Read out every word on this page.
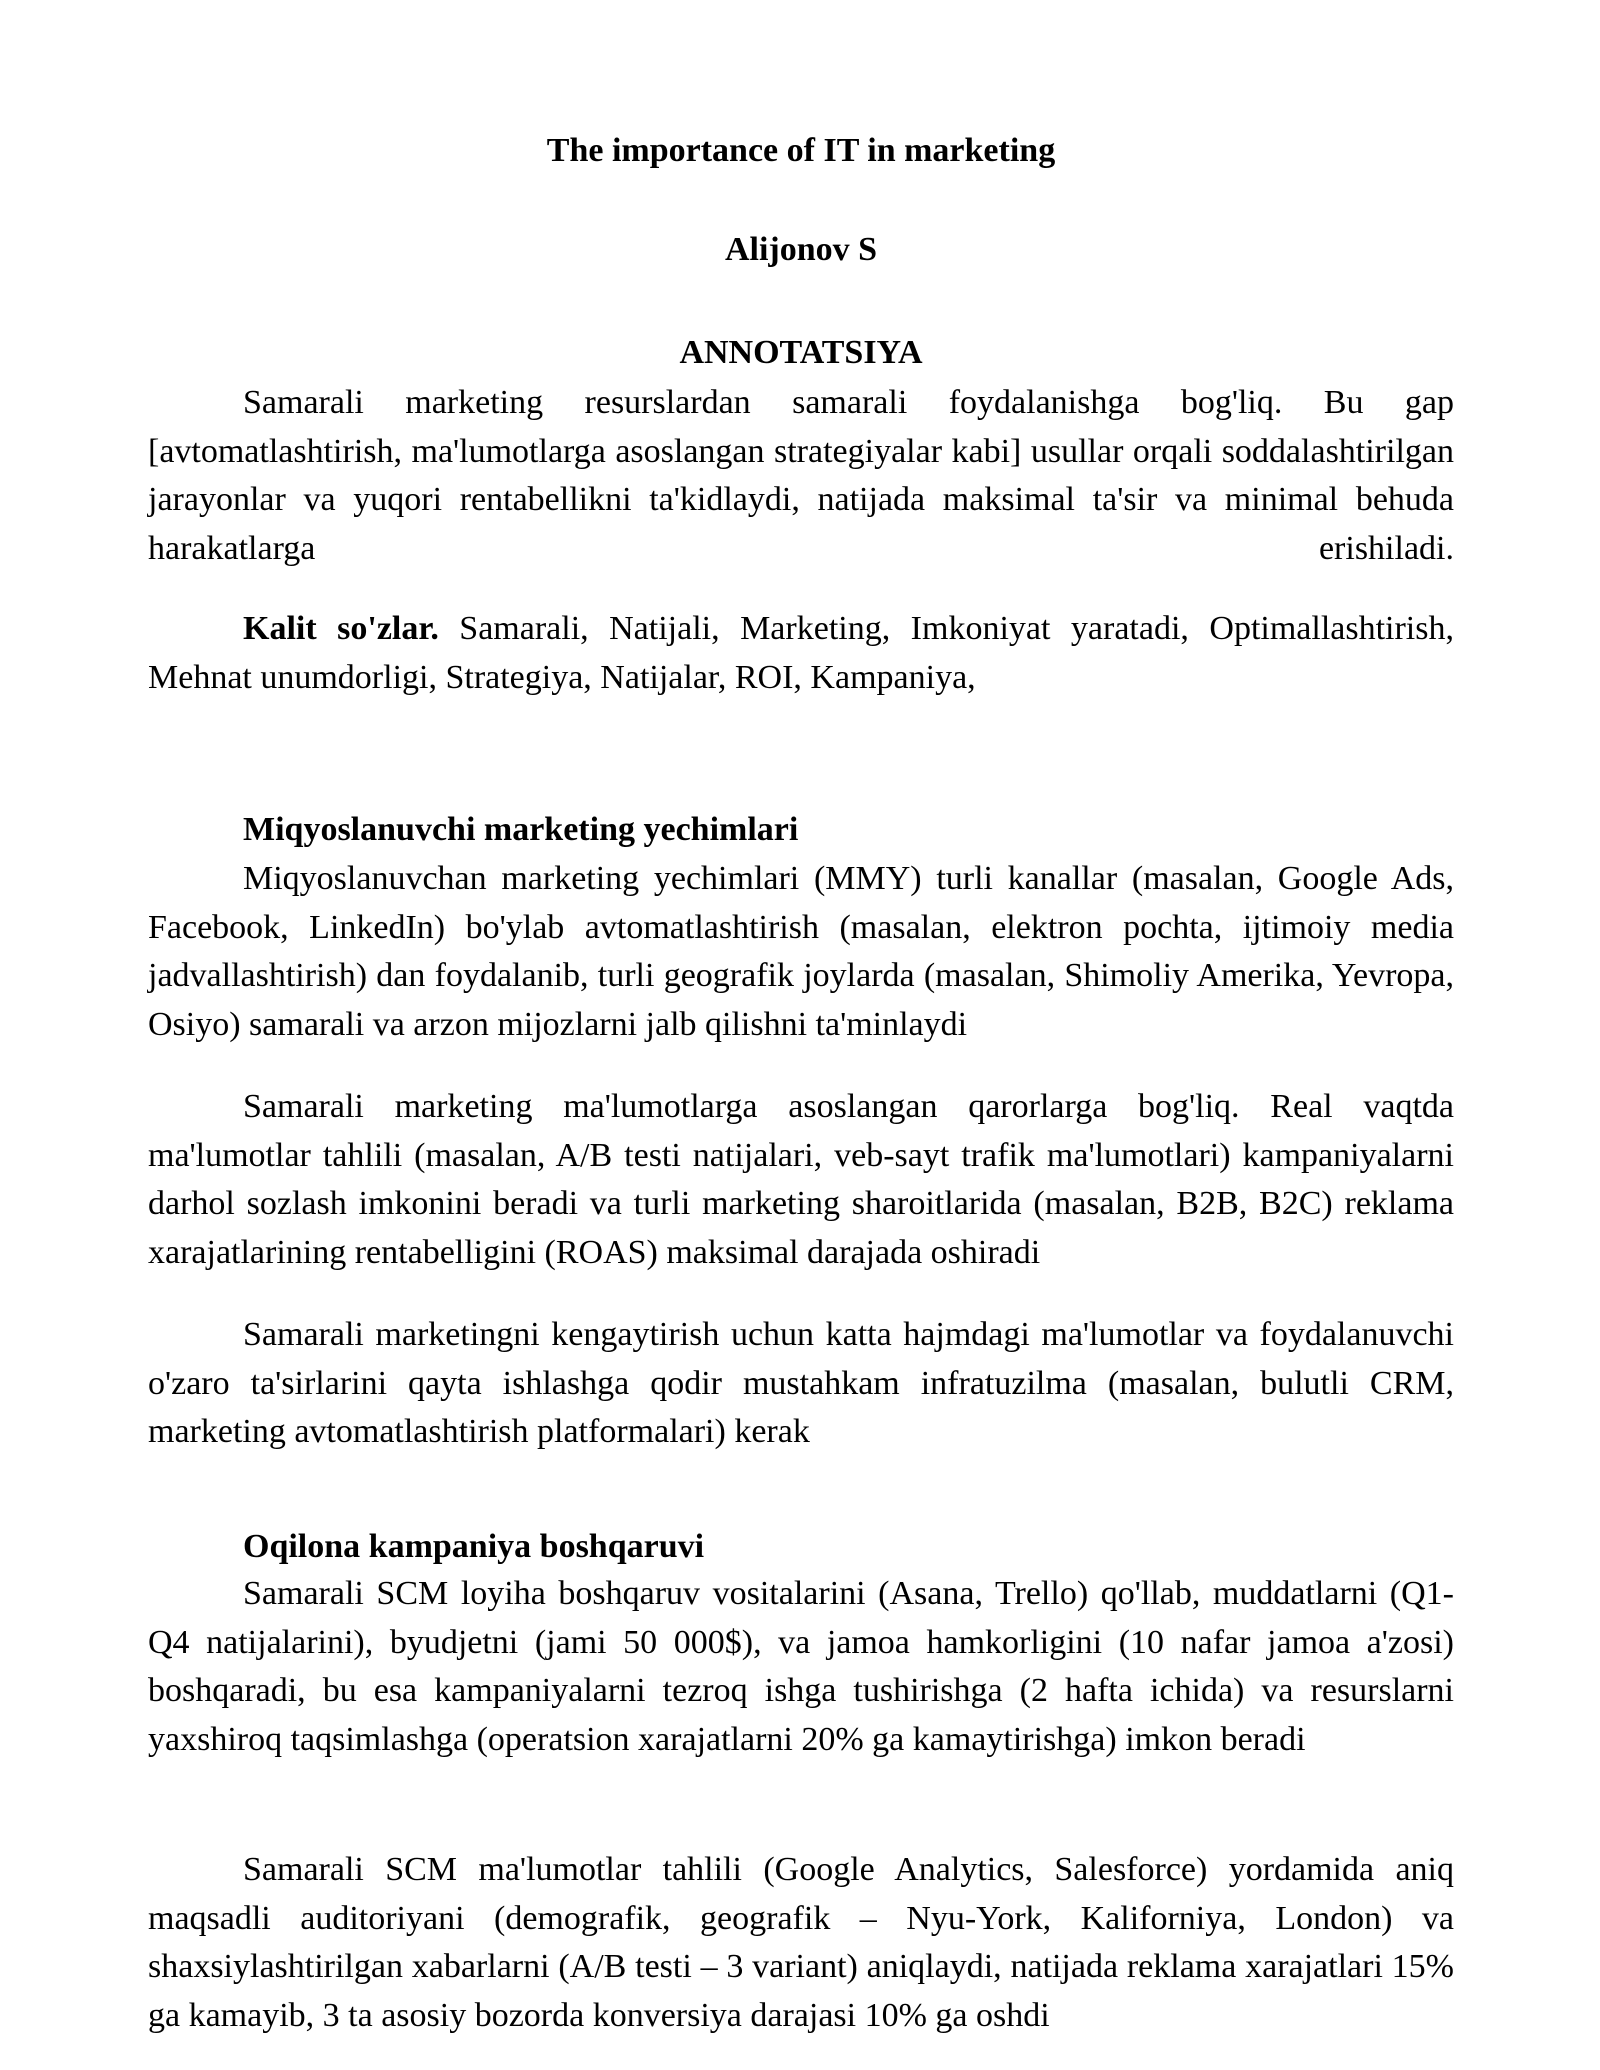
The importance of IT in marketing
Alijonov S
ANNOTATSIYA

Samarali marketing resurslardan samarali foydalanishga bog'liq. Bu gap [avtomatlashtirish, ma'lumotlarga asoslangan strategiyalar kabi] usullar orqali soddalashtirilgan jarayonlar va yuqori rentabellikni ta'kidlaydi, natijada maksimal ta'sir va minimal behuda harakatlarga erishiladi.

Kalit so'zlar. Samarali, Natijali, Marketing, Imkoniyat yaratadi, Optimallashtirish, Mehnat unumdorligi, Strategiya, Natijalar, ROI, Kampaniya,

Miqyoslanuvchi marketing yechimlari

Miqyoslanuvchan marketing yechimlari (MMY) turli kanallar (masalan, Google Ads, Facebook, LinkedIn) bo'ylab avtomatlashtirish (masalan, elektron pochta, ijtimoiy media jadvallashtirish) dan foydalanib, turli geografik joylarda (masalan, Shimoliy Amerika, Yevropa, Osiyo) samarali va arzon mijozlarni jalb qilishni ta'minlaydi

Samarali marketing ma'lumotlarga asoslangan qarorlarga bog'liq. Real vaqtda ma'lumotlar tahlili (masalan, A/B testi natijalari, veb-sayt trafik ma'lumotlari) kampaniyalarni darhol sozlash imkonini beradi va turli marketing sharoitlarida (masalan, B2B, B2C) reklama xarajatlarining rentabelligini (ROAS) maksimal darajada oshiradi

Samarali marketingni kengaytirish uchun katta hajmdagi ma'lumotlar va foydalanuvchi o'zaro ta'sirlarini qayta ishlashga qodir mustahkam infratuzilma (masalan, bulutli CRM, marketing avtomatlashtirish platformalari) kerak

Oqilona kampaniya boshqaruvi

Samarali SCM loyiha boshqaruv vositalarini (Asana, Trello) qo'llab, muddatlarni (Q1-Q4 natijalarini), byudjetni (jami 50 000$), va jamoa hamkorligini (10 nafar jamoa a'zosi) boshqaradi, bu esa kampaniyalarni tezroq ishga tushirishga (2 hafta ichida) va resurslarni yaxshiroq taqsimlashga (operatsion xarajatlarni 20% ga kamaytirishga) imkon beradi

Samarali SCM ma'lumotlar tahlili (Google Analytics, Salesforce) yordamida aniq maqsadli auditoriyani (demografik, geografik – Nyu-York, Kaliforniya, London) va shaxsiylashtirilgan xabarlarni (A/B testi – 3 variant) aniqlaydi, natijada reklama xarajatlari 15% ga kamayib, 3 ta asosiy bozorda konversiya darajasi 10% ga oshdi
